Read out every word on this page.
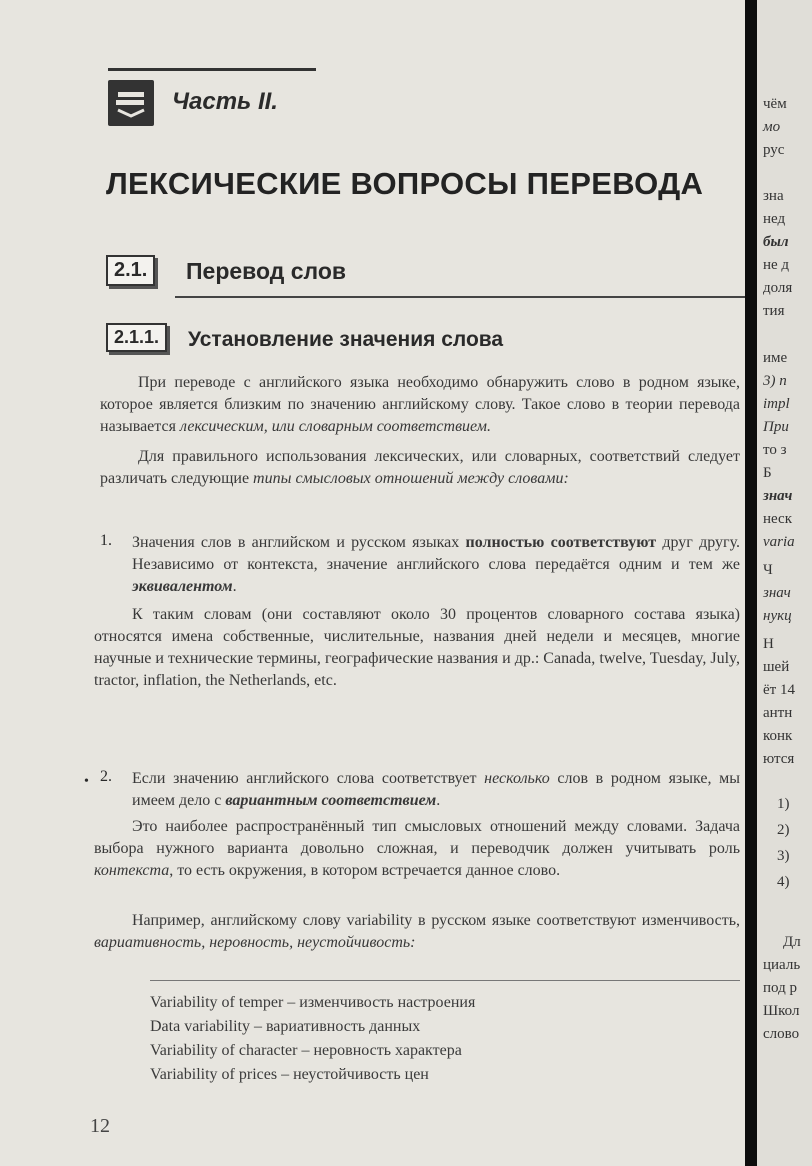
Часть II.
ЛЕКСИЧЕСКИЕ ВОПРОСЫ ПЕРЕВОДА
2.1.	Перевод слов
2.1.1.	Установление значения слова
При переводе с английского языка необходимо обнаружить слово в родном языке, которое является близким по значению английскому слову. Такое слово в теории перевода называется лексическим, или словарным соответствием.
Для правильного использования лексических, или словарных, соответствий следует различать следующие типы смысловых отношений между словами:
1. Значения слов в английском и русском языках полностью соответствуют друг другу. Независимо от контекста, значение английского слова передаётся одним и тем же эквивалентом.
К таким словам (они составляют около 30 процентов словарного состава языка) относятся имена собственные, числительные, названия дней недели и месяцев, многие научные и технические термины, географические названия и др.: Canada, twelve, Tuesday, July, tractor, inflation, the Netherlands, etc.
• 2. Если значению английского слова соответствует несколько слов в родном языке, мы имеем дело с вариантным соответствием.
Это наиболее распространённый тип смысловых отношений между словами. Задача выбора нужного варианта довольно сложная, и переводчик должен учитывать роль контекста, то есть окружения, в котором встречается данное слово.
Например, английскому слову variability в русском языке соответствуют изменчивость, вариативность, неровность, неустойчивость:
Variability of temper – изменчивость настроения
Data variability – вариативность данных
Variability of character – неровность характера
Variability of prices – неустойчивость цен
12
чём
мо
рус
зна
нед
был
не д
доля
тия
име
3) п
impl
При
то з
Б
знач
неск
varia
Ч
знач
нукц
Н
шей
ёт 14
антн
конк
ются
1)
2)
3)
4)
Дл
циаль
под р
Школ
слово
